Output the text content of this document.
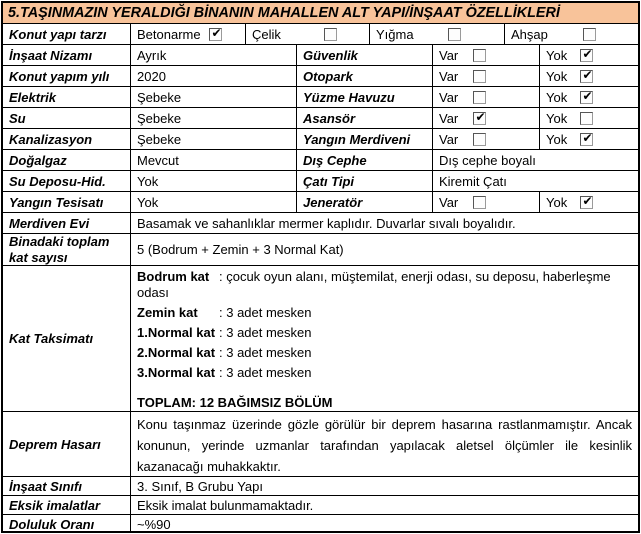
5.TAŞINMAZIN YERALDIĞI BİNANIN MAHALLEN ALT YAPI/İNŞAAT ÖZELLİKLERİ
Konut yapı tarzı Betonarme ✔ Çelik	Yığma	Ahşap
İnşaat Nizamı	Ayrık	Güvenlik	Var	Yok	✔
Konut yapım yılı 2020	Otopark	Var	Yok	✔
Elektrik	Şebeke	Yüzme Havuzu	Var	Yok	✔
Su	Şebeke	Asansör	Var	✔	Yok
Kanalizasyon	Şebeke	Yangın Merdiveni Var	Yok	✔
Doğalgaz	Mevcut	Dış Cephe	Dış cephe boyalı
Su Deposu-Hid. Yok	Çatı Tipi	Kiremit Çatı
Yangın Tesisatı	Yok	Jeneratör	Var	Yok	✔
Merdiven Evi	Basamak ve sahanlıklar mermer kaplıdır. Duvarlar sıvalı boyalıdır.
Binadaki toplam kat sayısı	5 (Bodrum + Zemin + 3 Normal Kat)
Kat Taksimatı
Bodrum kat : çocuk oyun alanı, müştemilat, enerji odası, su deposu, haberleşme odası
Zemin kat : 3 adet mesken
1.Normal kat : 3 adet mesken
2.Normal kat : 3 adet mesken
3.Normal kat : 3 adet mesken
TOPLAM: 12 BAĞIMSIZ BÖLÜM
Deprem Hasarı
Konu taşınmaz üzerinde gözle görülür bir deprem hasarına rastlanmamıştır. Ancak konunun, yerinde uzmanlar tarafından yapılacak aletsel ölçümler ile kesinlik kazanacağı muhakkaktır.
İnşaat Sınıfı	3. Sınıf, B Grubu Yapı
Eksik imalatlar	Eksik imalat bulunmamaktadır.
Doluluk Oranı	~%90
